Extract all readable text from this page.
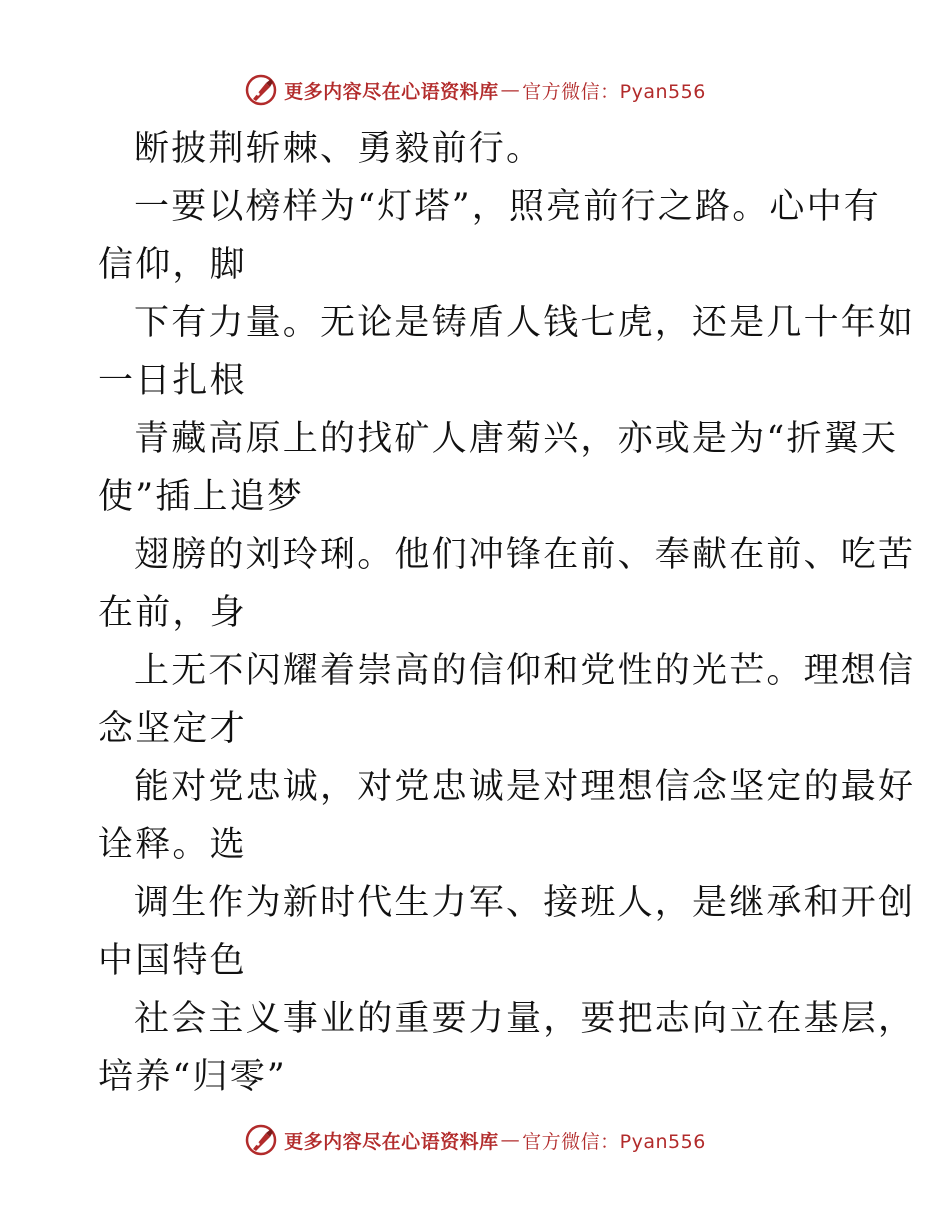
更多内容尽在心语资料库 — 官方微信：Pyan556
断披荆斩棘、勇毅前行。
一要以榜样为“灯塔”，照亮前行之路。心中有
信仰，脚
下有力量。无论是铸盾人钱七虎，还是几十年如
一日扎根
青藏高原上的找矿人唐菊兴，亦或是为“折翼天
使”插上追梦
翅膀的刘玲琍。他们冲锋在前、奉献在前、吃苦
在前，身
上无不闪耀着崇高的信仰和党性的光芒。理想信
念坚定才
能对党忠诚，对党忠诚是对理想信念坚定的最好
诠释。选
调生作为新时代生力军、接班人，是继承和开创
中国特色
社会主义事业的重要力量，要把志向立在基层，
培养“归零”
更多内容尽在心语资料库 — 官方微信：Pyan556
